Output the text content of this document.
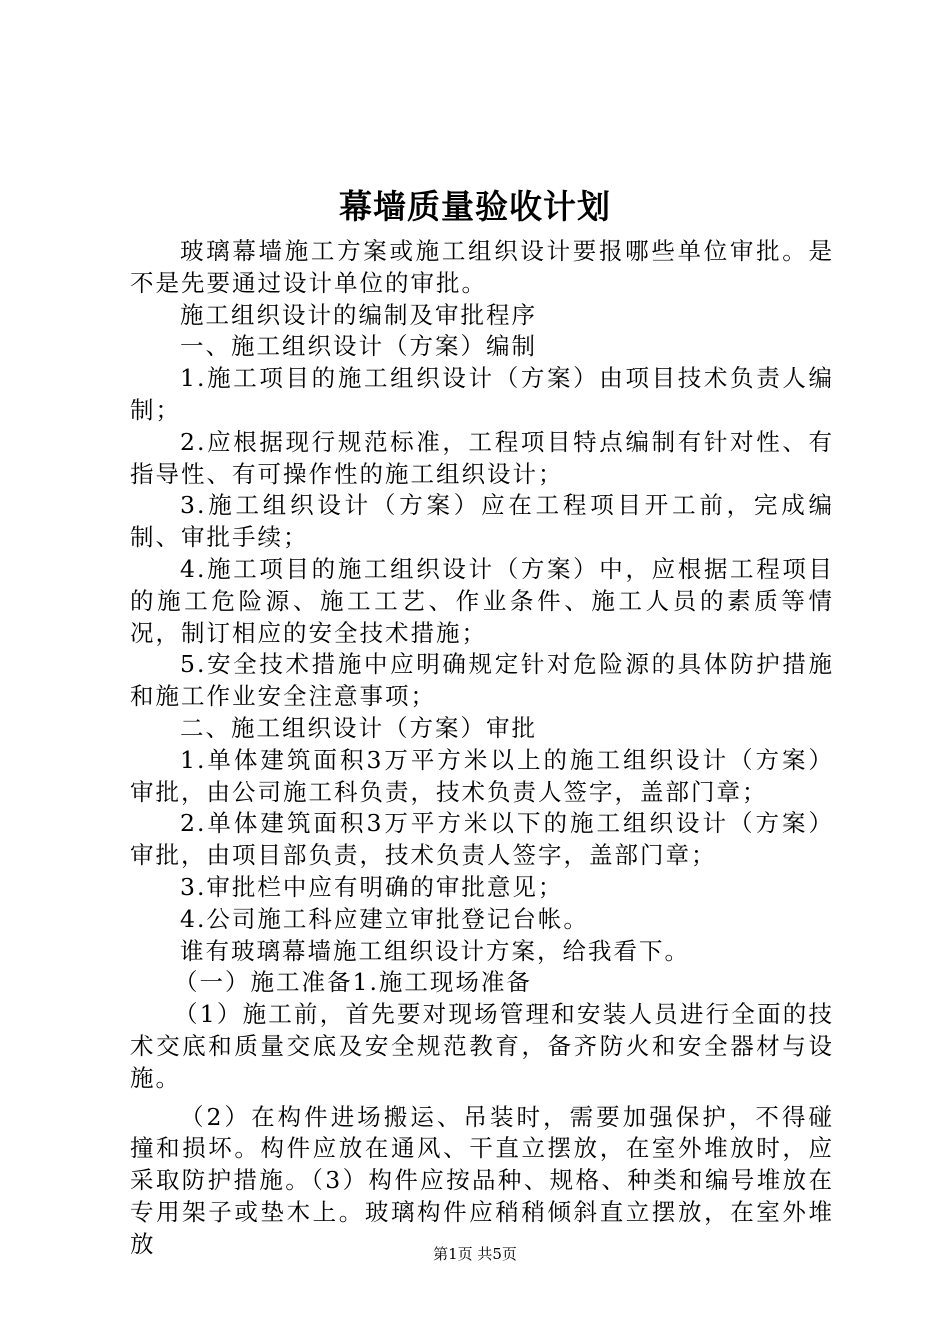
幕墙质量验收计划

玻璃幕墙施工方案或施工组织设计要报哪些单位审批。是不是先要通过设计单位的审批。

施工组织设计的编制及审批程序

一、施工组织设计（方案）编制

1.施工项目的施工组织设计（方案）由项目技术负责人编制；

2.应根据现行规范标准，工程项目特点编制有针对性、有指导性、有可操作性的施工组织设计；

3.施工组织设计（方案）应在工程项目开工前，完成编制、审批手续；

4.施工项目的施工组织设计（方案）中，应根据工程项目的施工危险源、施工工艺、作业条件、施工人员的素质等情况，制订相应的安全技术措施；

5.安全技术措施中应明确规定针对危险源的具体防护措施和施工作业安全注意事项；

二、施工组织设计（方案）审批

1.单体建筑面积3万平方米以上的施工组织设计（方案）审批，由公司施工科负责，技术负责人签字，盖部门章；

2.单体建筑面积3万平方米以下的施工组织设计（方案）审批，由项目部负责，技术负责人签字，盖部门章；

3.审批栏中应有明确的审批意见；

4.公司施工科应建立审批登记台帐。

谁有玻璃幕墙施工组织设计方案，给我看下。

（一）施工准备1.施工现场准备

（1）施工前，首先要对现场管理和安装人员进行全面的技术交底和质量交底及安全规范教育，备齐防火和安全器材与设施。

（2）在构件进场搬运、吊装时，需要加强保护，不得碰撞和损坏。构件应放在通风、干直立摆放，在室外堆放时，应采取防护措施。（3）构件应按品种、规格、种类和编号堆放在专用架子或垫木上。玻璃构件应稍稍倾斜直立摆放，在室外堆放	第1页 共5页
